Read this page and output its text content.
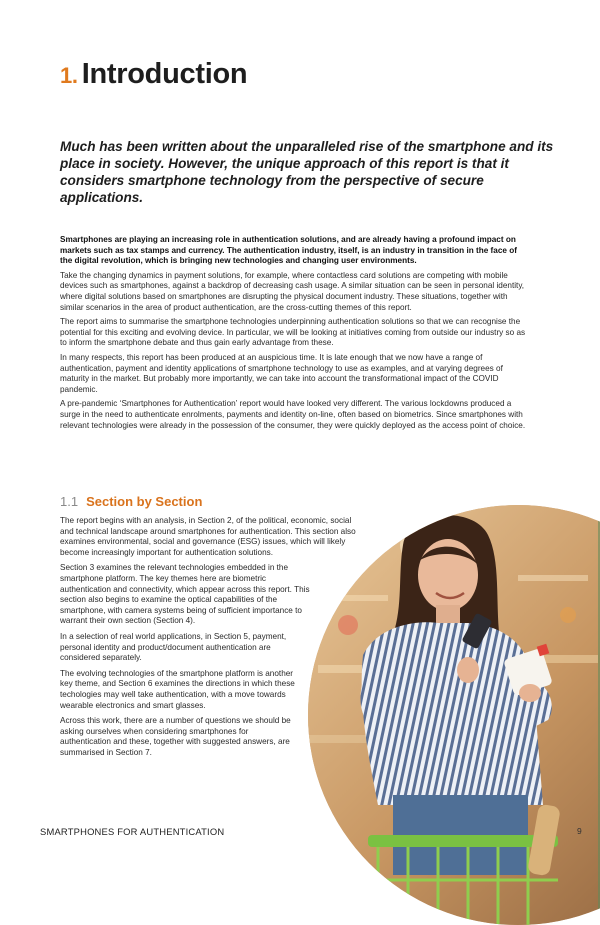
1. Introduction

Much has been written about the unparalleled rise of the smartphone and its place in society. However, the unique approach of this report is that it considers smartphone technology from the perspective of secure applications.

Smartphones are playing an increasing role in authentication solutions, and are already having a profound impact on markets such as tax stamps and currency. The authentication industry, itself, is an industry in transition in the face of the digital revolution, which is bringing new technologies and changing user environments.

Take the changing dynamics in payment solutions, for example, where contactless card solutions are competing with mobile devices such as smartphones, against a backdrop of decreasing cash usage. A similar situation can be seen in personal identity, where digital solutions based on smartphones are disrupting the physical document industry. These situations, together with similar scenarios in the area of product authentication, are the cross-cutting themes of this report.

The report aims to summarise the smartphone technologies underpinning authentication solutions so that we can recognise the potential for this exciting and evolving device. In particular, we will be looking at initiatives coming from outside our industry so as to inform the smartphone debate and thus gain early advantage from these.

In many respects, this report has been produced at an auspicious time. It is late enough that we now have a range of authentication, payment and identity applications of smartphone technology to use as examples, and at varying degrees of maturity in the market. But probably more importantly, we can take into account the transformational impact of the COVID pandemic.

A pre-pandemic ‘Smartphones for Authentication’ report would have looked very different. The various lockdowns produced a surge in the need to authenticate enrolments, payments and identity on-line, often based on biometrics. Since smartphones with relevant technologies were already in the possession of the consumer, they were quickly deployed as the access point of choice.

1.1 Section by Section

The report begins with an analysis, in Section 2, of the political, economic, social and technical landscape around smartphones for authentication. This section also examines environmental, social and governance (ESG) issues, which will likely become increasingly important for authentication solutions.

Section 3 examines the relevant technologies embedded in the smartphone platform. The key themes here are biometric authentication and connectivity, which appear across this report. This section also begins to examine the optical capabilities of the smartphone, with camera systems being of sufficient importance to warrant their own section (Section 4).

In a selection of real world applications, in Section 5, payment, personal identity and product/document authentication are considered separately.

The evolving technologies of the smartphone platform is another key theme, and Section 6 examines the directions in which these techologies may well take authentication, with a move towards wearable electronics and smart glasses.

Across this work, there are a number of questions we should be asking ourselves when considering smartphones for authentication and these, together with suggested answers, are summarised in Section 7.

SMARTPHONES FOR AUTHENTICATION	9
